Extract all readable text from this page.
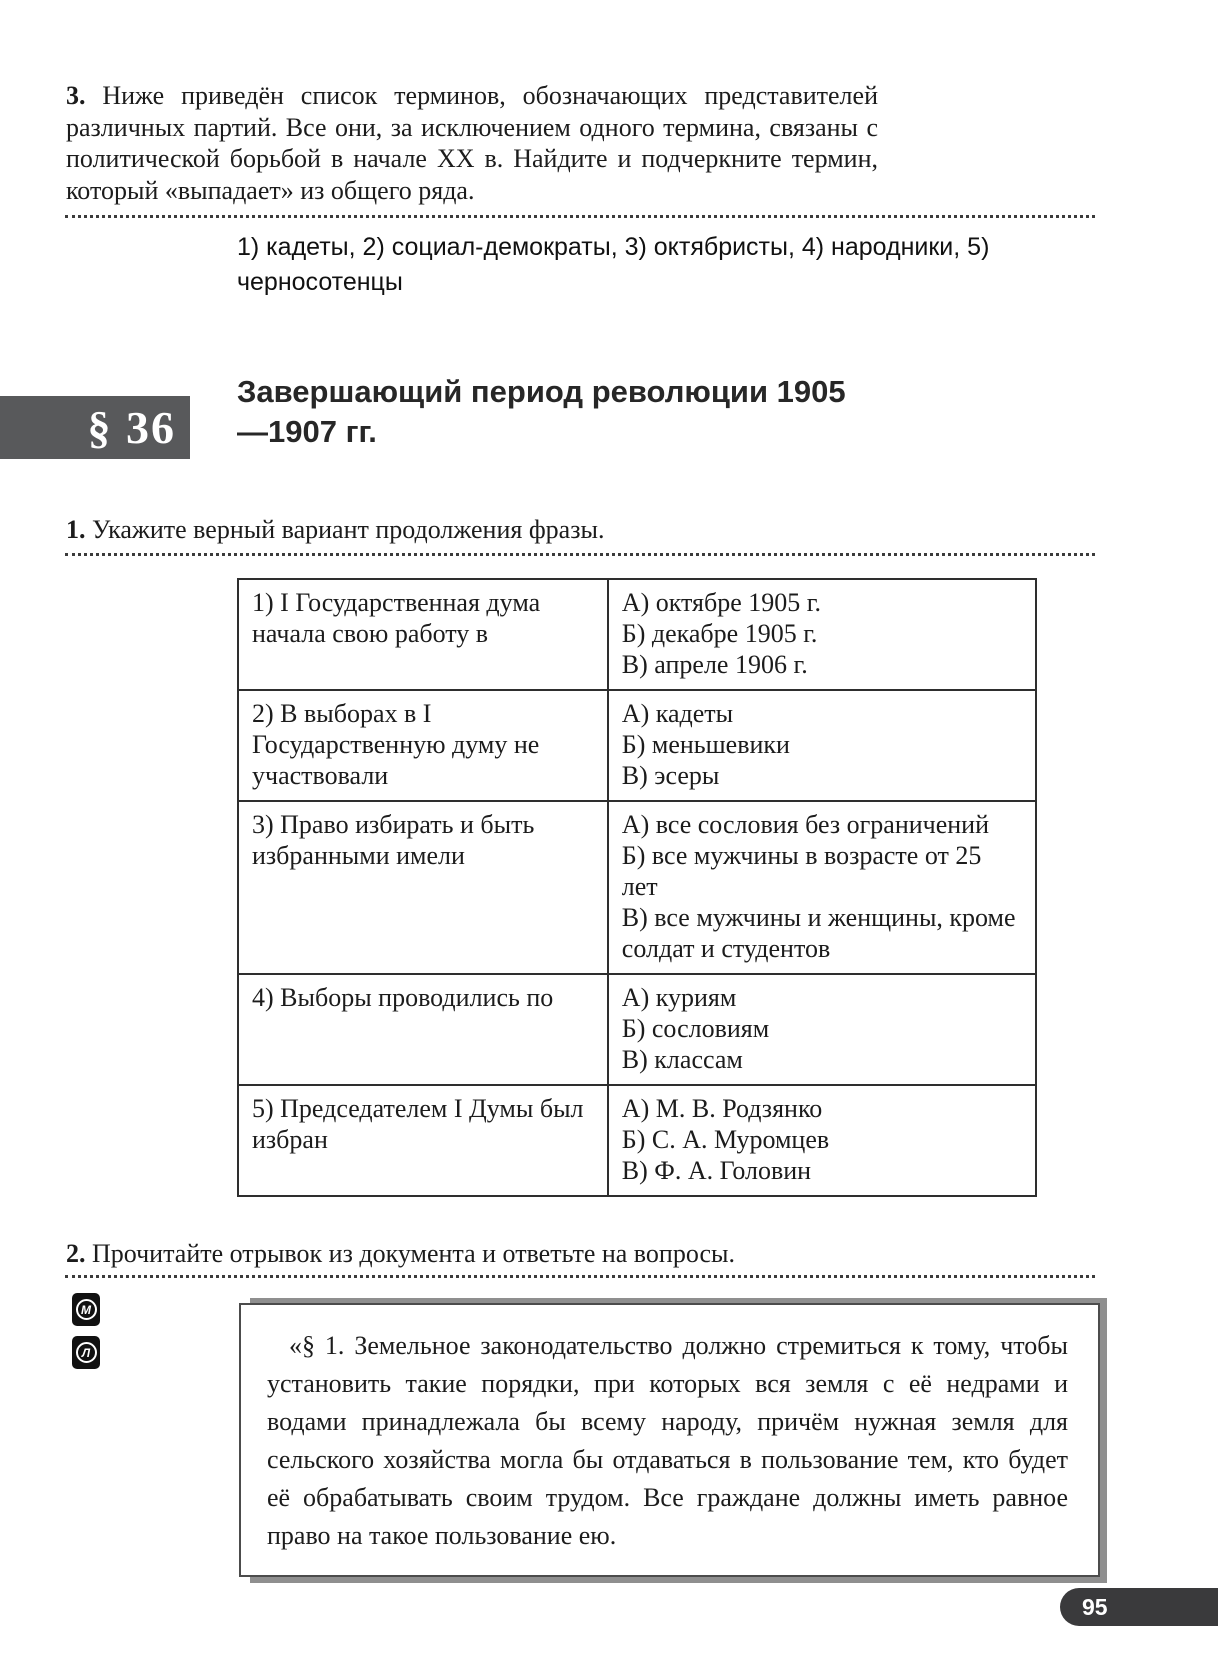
3. Ниже приведён список терминов, обозначающих представителей различных партий. Все они, за исключением одного термина, связаны с политической борьбой в начале XX в. Найдите и подчеркните термин, который «выпадает» из общего ряда.
1) кадеты, 2) социал-демократы, 3) октябристы, 4) народники, 5) черносотенцы
§ 36
Завершающий период революции 1905—1907 гг.
1. Укажите верный вариант продолжения фразы.
1) I Государственная дума начала свою работу в	А) октябре 1905 г.
Б) декабре 1905 г.
В) апреле 1906 г.

2) В выборах в I Государственную думу не участвовали	А) кадеты
Б) меньшевики
В) эсеры

3) Право избирать и быть избранными имели	А) все сословия без ограничений
Б) все мужчины в возрасте от 25 лет
В) все мужчины и женщины, кроме солдат и студентов

4) Выборы проводились по	А) куриям
Б) сословиям
В) классам

5) Председателем I Думы был избран	А) М. В. Родзянко
Б) С. А. Муромцев
В) Ф. А. Головин
2. Прочитайте отрывок из документа и ответьте на вопросы.
М
Л	«§ 1. Земельное законодательство должно стремиться к тому, чтобы установить такие порядки, при которых вся земля с её недрами и водами принадлежала бы всему народу, причём нужная земля для сельского хозяйства могла бы отдаваться в пользование тем, кто будет её обрабатывать своим трудом. Все граждане должны иметь равное право на такое пользование ею.

95
